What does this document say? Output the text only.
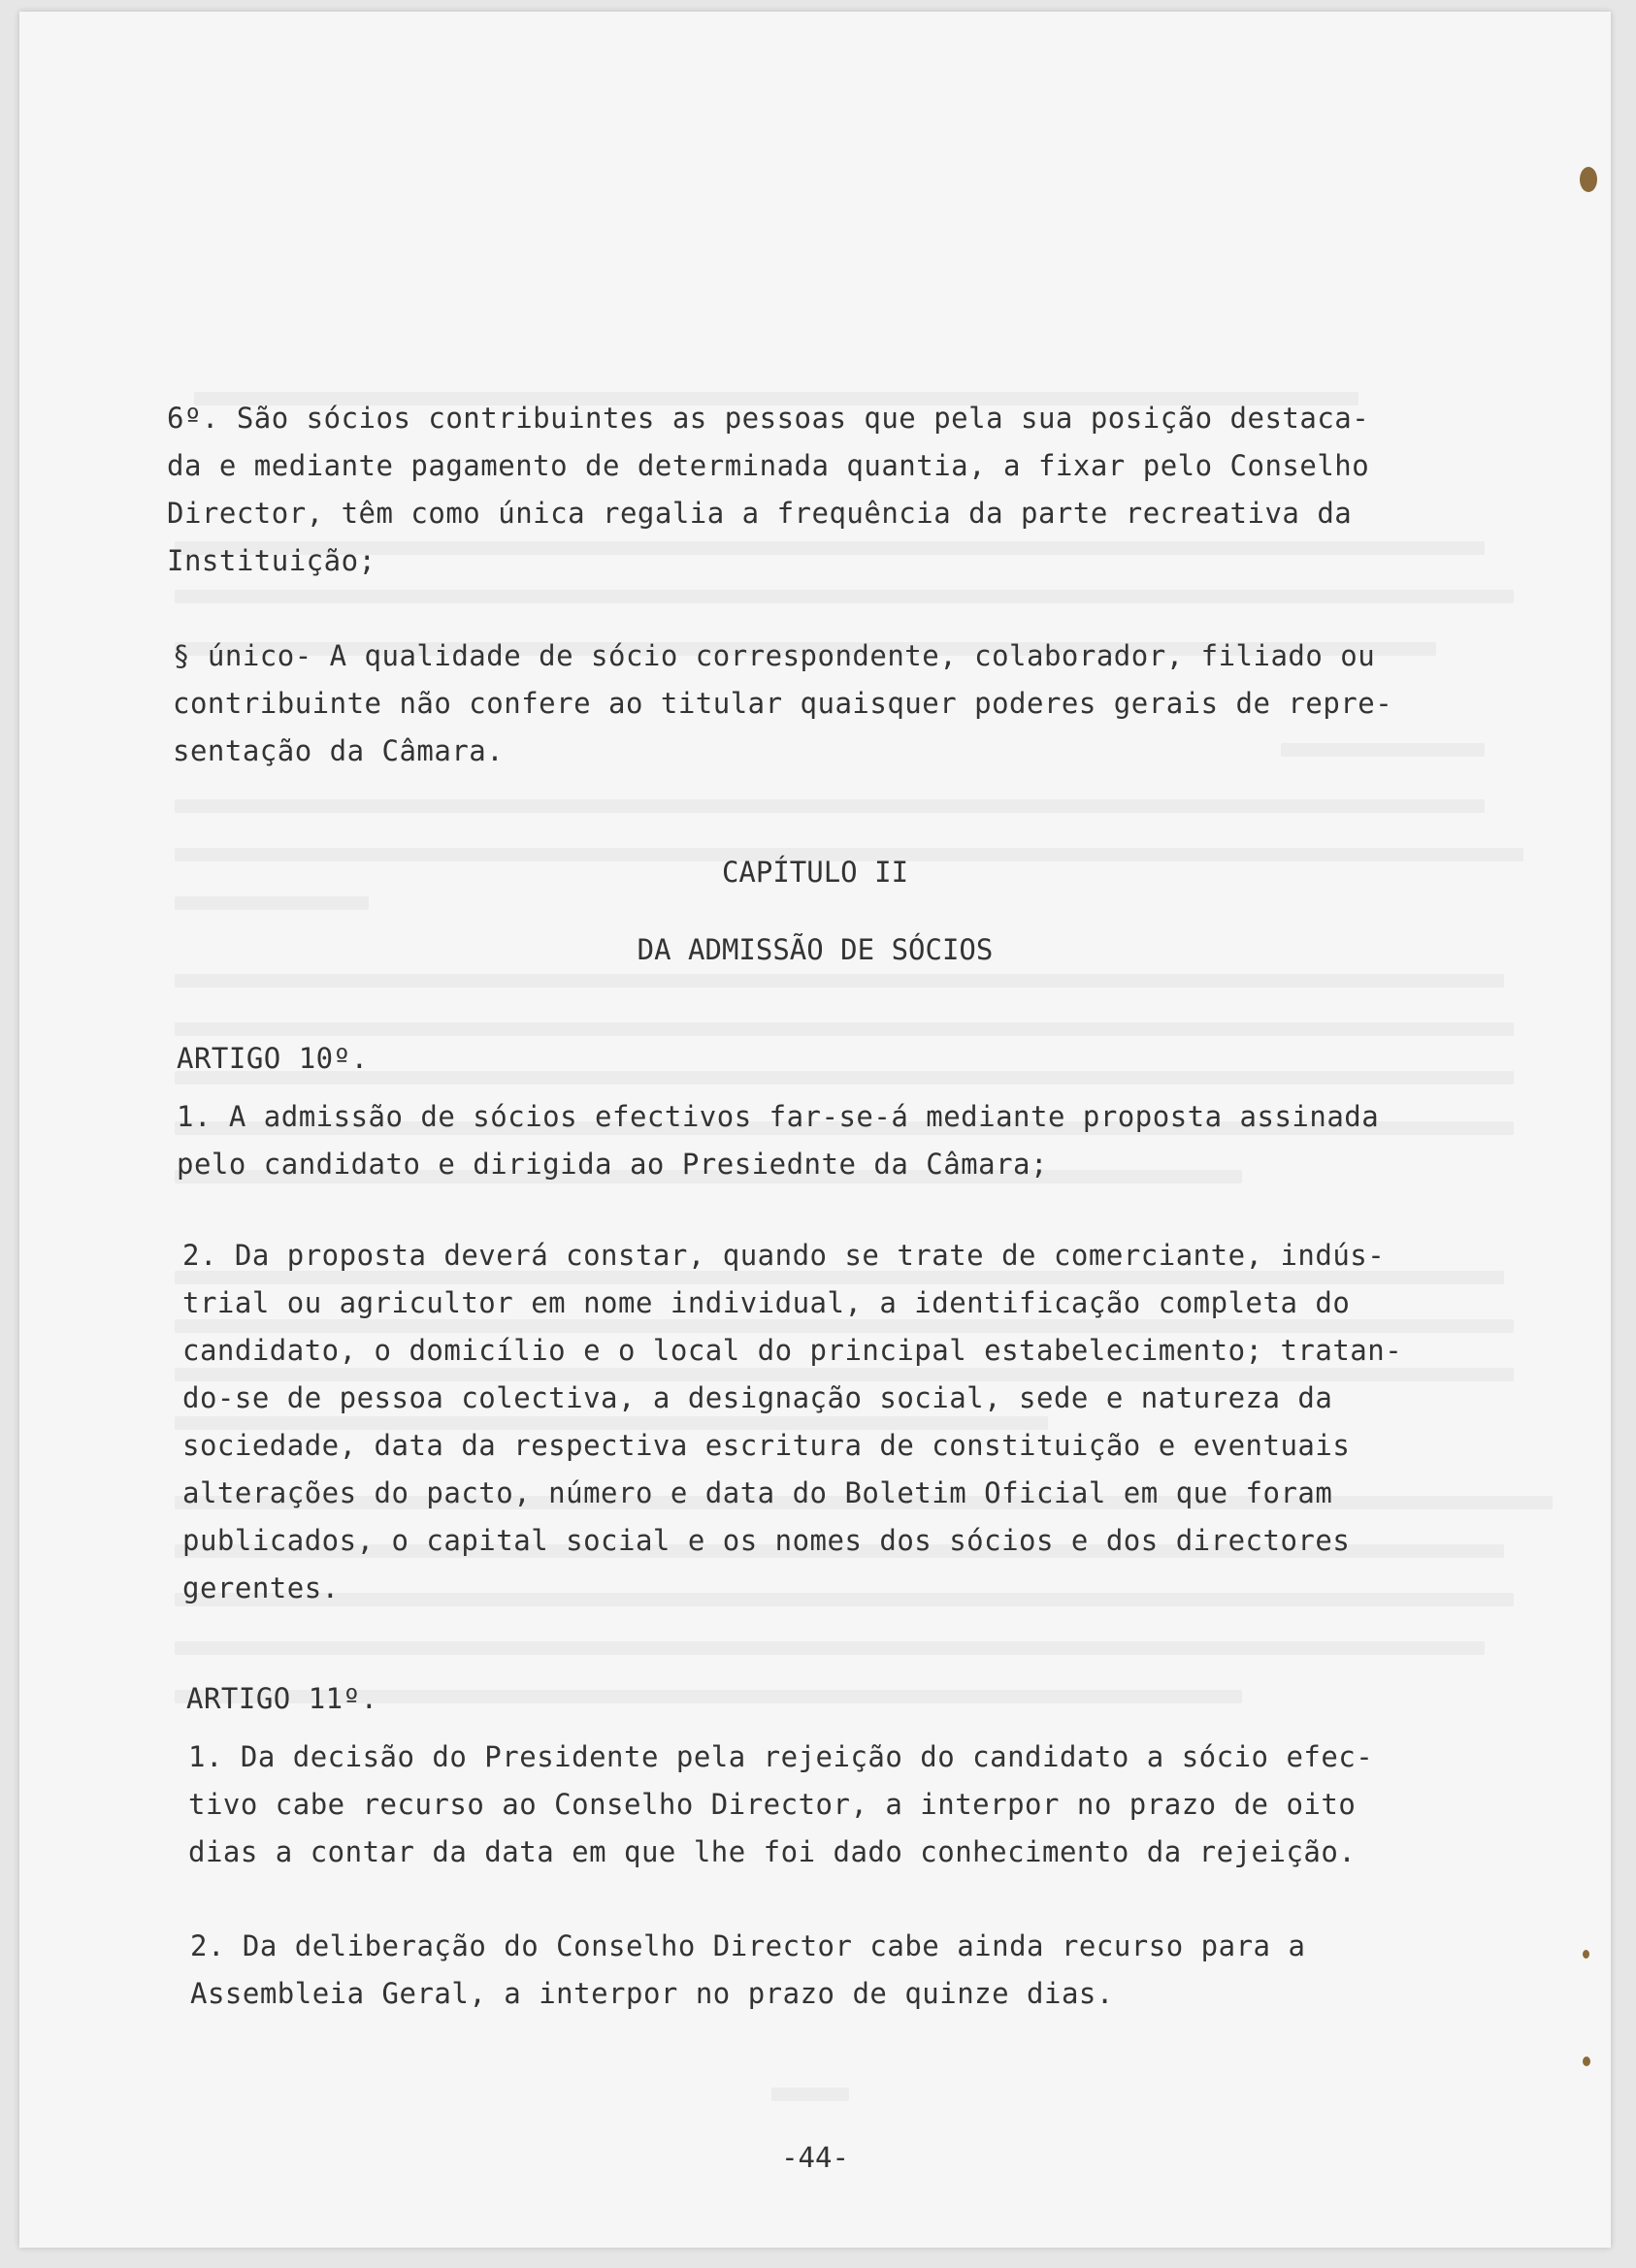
6º. São sócios contribuintes as pessoas que pela sua posição destaca-
da e mediante pagamento de determinada quantia, a fixar pelo Conselho
Director, têm como única regalia a frequência da parte recreativa da
Instituição;
§ único- A qualidade de sócio correspondente, colaborador, filiado ou
contribuinte não confere ao titular quaisquer poderes gerais de repre-
sentação da Câmara.
CAPÍTULO II
DA ADMISSÃO DE SÓCIOS
ARTIGO 10º.
1. A admissão de sócios efectivos far-se-á mediante proposta assinada
pelo candidato e dirigida ao Presiednte da Câmara;
2. Da proposta deverá constar, quando se trate de comerciante, indús-
trial ou agricultor em nome individual, a identificação completa do
candidato, o domicílio e o local do principal estabelecimento; tratan-
do-se de pessoa colectiva, a designação social, sede e natureza da
sociedade, data da respectiva escritura de constituição e eventuais
alterações do pacto, número e data do Boletim Oficial em que foram
publicados, o capital social e os nomes dos sócios e dos directores
gerentes.
ARTIGO 11º.
1. Da decisão do Presidente pela rejeição do candidato a sócio efec-
tivo cabe recurso ao Conselho Director, a interpor no prazo de oito
dias a contar da data em que lhe foi dado conhecimento da rejeição.
2. Da deliberação do Conselho Director cabe ainda recurso para a
Assembleia Geral, a interpor no prazo de quinze dias.
-44-
